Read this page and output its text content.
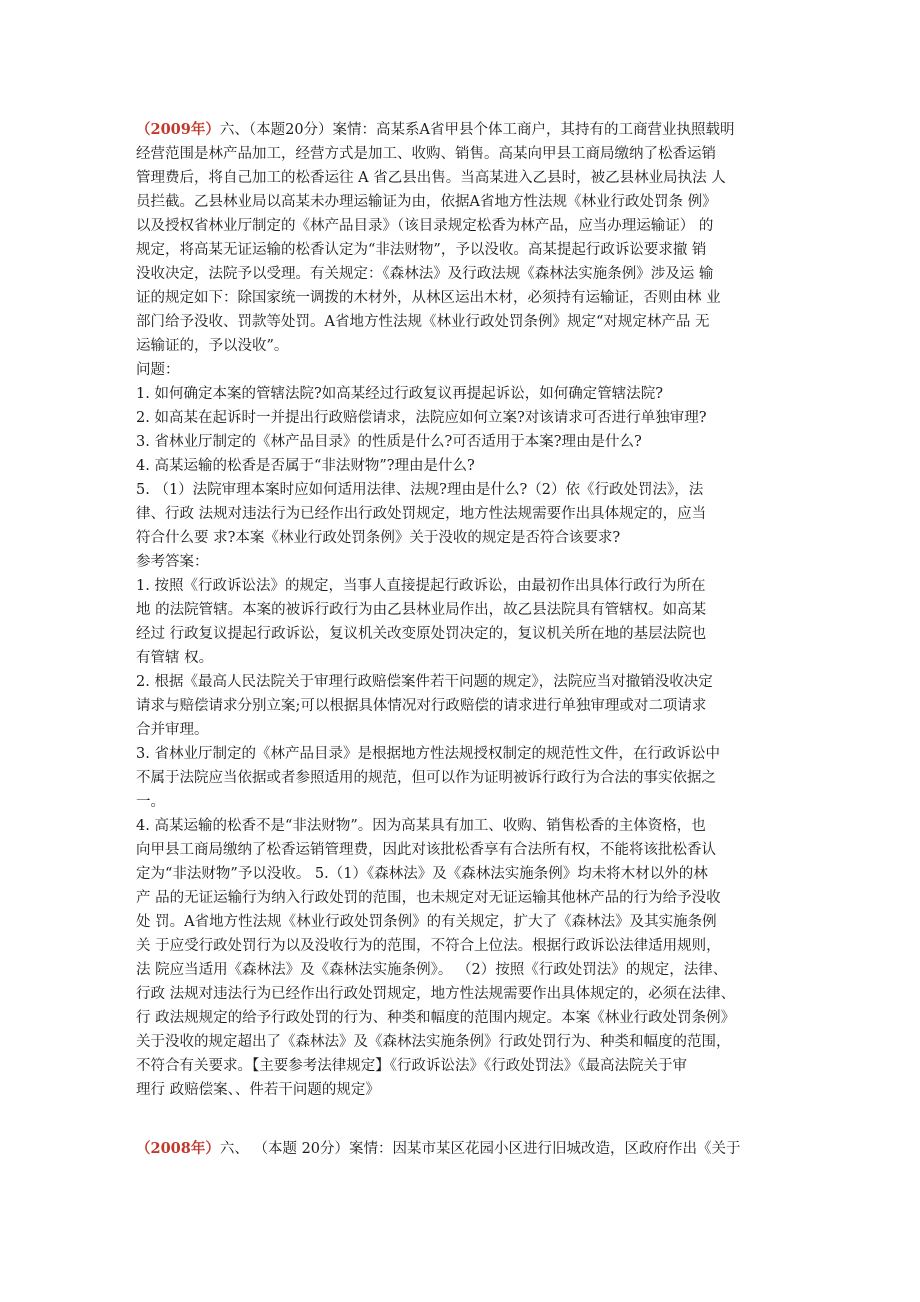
（2009年）六、（本题20分）案情：高某系A省甲县个体工商户，其持有的工商营业执照载明
经营范围是林产品加工，经营方式是加工、收购、销售。高某向甲县工商局缴纳了松香运销
管理费后，将自己加工的松香运往 A 省乙县出售。当高某进入乙县时，被乙县林业局执法 人
员拦截。乙县林业局以高某未办理运输证为由，依据A省地方性法规《林业行政处罚条 例》
以及授权省林业厅制定的《林产品目录》（该目录规定松香为林产品，应当办理运输证） 的
规定，将高某无证运输的松香认定为“非法财物”，予以没收。高某提起行政诉讼要求撤 销
没收决定，法院予以受理。有关规定：《森林法》及行政法规《森林法实施条例》涉及运 输
证的规定如下：除国家统一调拨的木材外，从林区运出木材，必须持有运输证，否则由林 业
部门给予没收、罚款等处罚。A省地方性法规《林业行政处罚条例》规定“对规定林产品 无
运输证的，予以没收”。
问题：
1. 如何确定本案的管辖法院?如高某经过行政复议再提起诉讼，如何确定管辖法院?
2. 如高某在起诉时一并提出行政赔偿请求，法院应如何立案?对该请求可否进行单独审理?
3. 省林业厅制定的《林产品目录》的性质是什么?可否适用于本案?理由是什么?
4. 高某运输的松香是否属于“非法财物”?理由是什么?
5. （1）法院审理本案时应如何适用法律、法规?理由是什么?（2）依《行政处罚法》，法
律、行政 法规对违法行为已经作出行政处罚规定，地方性法规需要作出具体规定的，应当
符合什么要 求?本案《林业行政处罚条例》关于没收的规定是否符合该要求?
参考答案：
1. 按照《行政诉讼法》的规定，当事人直接提起行政诉讼，由最初作出具体行政行为所在
地 的法院管辖。本案的被诉行政行为由乙县林业局作出，故乙县法院具有管辖权。如高某
经过 行政复议提起行政诉讼，复议机关改变原处罚决定的，复议机关所在地的基层法院也
有管辖 权。
2. 根据《最高人民法院关于审理行政赔偿案件若干问题的规定》，法院应当对撤销没收决定
请求与赔偿请求分别立案;可以根据具体情况对行政赔偿的请求进行单独审理或对二项请求
合并审理。
3. 省林业厅制定的《林产品目录》是根据地方性法规授权制定的规范性文件，在行政诉讼中
不属于法院应当依据或者参照适用的规范，但可以作为证明被诉行政行为合法的事实依据之
一。
4. 高某运输的松香不是“非法财物”。因为高某具有加工、收购、销售松香的主体资格，也
向甲县工商局缴纳了松香运销管理费，因此对该批松香享有合法所有权，不能将该批松香认
定为“非法财物”予以没收。 5.（1）《森林法》及《森林法实施条例》均未将木材以外的林
产 品的无证运输行为纳入行政处罚的范围，也未规定对无证运输其他林产品的行为给予没收
处 罚。A省地方性法规《林业行政处罚条例》的有关规定，扩大了《森林法》及其实施条例
关 于应受行政处罚行为以及没收行为的范围，不符合上位法。根据行政诉讼法律适用规则，
法 院应当适用《森林法》及《森林法实施条例》。 （2）按照《行政处罚法》的规定，法律、
行政 法规对违法行为已经作出行政处罚规定，地方性法规需要作出具体规定的，必须在法律、
行 政法规规定的给予行政处罚的行为、种类和幅度的范围内规定。本案《林业行政处罚条例》
关于没收的规定超出了《森林法》及《森林法实施条例》行政处罚行为、种类和幅度的范围，
不符合有关要求。【主要参考法律规定】《行政诉讼法》《行政处罚法》《最高法院关于审
理行 政赔偿案、、件若干问题的规定》
（2008年）六、 （本题 20分）案情：因某市某区花园小区进行旧城改造，区政府作出《关于
